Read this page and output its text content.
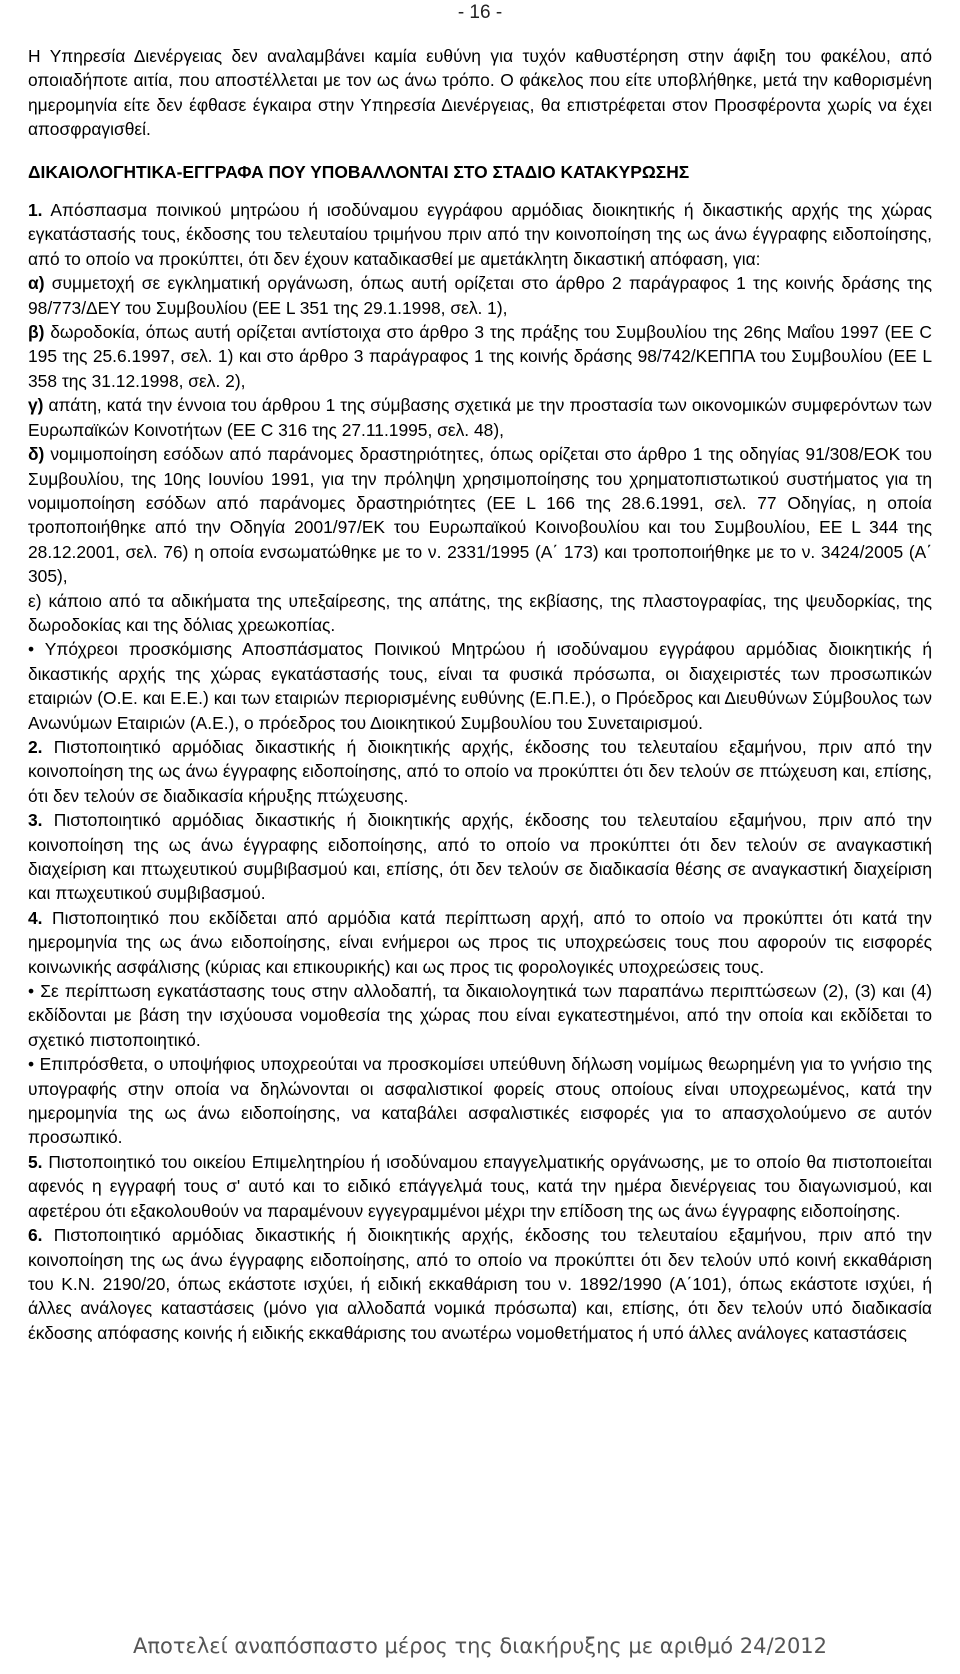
- 16 -

Η Υπηρεσία Διενέργειας δεν αναλαμβάνει καμία ευθύνη για τυχόν καθυστέρηση στην άφιξη του φακέλου, από οποιαδήποτε αιτία, που αποστέλλεται με τον ως άνω τρόπο. Ο φάκελος που είτε υποβλήθηκε, μετά την καθορισμένη ημερομηνία είτε δεν έφθασε έγκαιρα στην Υπηρεσία Διενέργειας, θα επιστρέφεται στον Προσφέροντα χωρίς να έχει αποσφραγισθεί.

ΔΙΚΑΙΟΛΟΓΗΤΙΚΑ-ΕΓΓΡΑΦΑ ΠΟΥ ΥΠΟΒΑΛΛΟΝΤΑΙ ΣΤΟ ΣΤΑΔΙΟ ΚΑΤΑΚΥΡΩΣΗΣ

1. Απόσπασμα ποινικού μητρώου ή ισοδύναμου εγγράφου αρμόδιας διοικητικής ή δικαστικής αρχής της χώρας εγκατάστασής τους, έκδοσης του τελευταίου τριμήνου πριν από την κοινοποίηση της ως άνω έγγραφης ειδοποίησης, από το οποίο να προκύπτει, ότι δεν έχουν καταδικασθεί με αμετάκλητη δικαστική απόφαση, για:

α) συμμετοχή σε εγκληματική οργάνωση, όπως αυτή ορίζεται στο άρθρο 2 παράγραφος 1 της κοινής δράσης της 98/773/ΔΕΥ του Συμβουλίου (ΕΕ L 351 της 29.1.1998, σελ. 1),

β) δωροδοκία, όπως αυτή ορίζεται αντίστοιχα στο άρθρο 3 της πράξης του Συμβουλίου της 26ης Μαΐου 1997 (ΕΕ C 195 της 25.6.1997, σελ. 1) και στο άρθρο 3 παράγραφος 1 της κοινής δράσης 98/742/ΚΕΠΠΑ του Συμβουλίου (ΕΕ L 358 της 31.12.1998, σελ. 2),

γ) απάτη, κατά την έννοια του άρθρου 1 της σύμβασης σχετικά με την προστασία των οικονομικών συμφερόντων των Ευρωπαϊκών Κοινοτήτων (ΕΕ C 316 της 27.11.1995, σελ. 48),

δ) νομιμοποίηση εσόδων από παράνομες δραστηριότητες, όπως ορίζεται στο άρθρο 1 της οδηγίας 91/308/ΕΟΚ του Συμβουλίου, της 10ης Ιουνίου 1991, για την πρόληψη χρησιμοποίησης του χρηματοπιστωτικού συστήματος για τη νομιμοποίηση εσόδων από παράνομες δραστηριότητες (ΕΕ L 166 της 28.6.1991, σελ. 77 Οδηγίας, η οποία τροποποιήθηκε από την Οδηγία 2001/97/ΕΚ του Ευρωπαϊκού Κοινοβουλίου και του Συμβουλίου, ΕΕ L 344 της 28.12.2001, σελ. 76) η οποία ενσωματώθηκε με το ν. 2331/1995 (Α΄ 173) και τροποποιήθηκε με το ν. 3424/2005 (Α΄ 305),

ε) κάποιο από τα αδικήματα της υπεξαίρεσης, της απάτης, της εκβίασης, της πλαστογραφίας, της ψευδορκίας, της δωροδοκίας και της δόλιας χρεωκοπίας.

• Υπόχρεοι προσκόμισης Αποσπάσματος Ποινικού Μητρώου ή ισοδύναμου εγγράφου αρμόδιας διοικητικής ή δικαστικής αρχής της χώρας εγκατάστασής τους, είναι τα φυσικά πρόσωπα, οι διαχειριστές των προσωπικών εταιριών (Ο.Ε. και Ε.Ε.) και των εταιριών περιορισμένης ευθύνης (Ε.Π.Ε.), ο Πρόεδρος και Διευθύνων Σύμβουλος των Ανωνύμων Εταιριών (Α.Ε.), ο πρόεδρος του Διοικητικού Συμβουλίου του Συνεταιρισμού.

2. Πιστοποιητικό αρμόδιας δικαστικής ή διοικητικής αρχής, έκδοσης του τελευταίου εξαμήνου, πριν από την κοινοποίηση της ως άνω έγγραφης ειδοποίησης, από το οποίο να προκύπτει ότι δεν τελούν σε πτώχευση και, επίσης, ότι δεν τελούν σε διαδικασία κήρυξης πτώχευσης.

3. Πιστοποιητικό αρμόδιας δικαστικής ή διοικητικής αρχής, έκδοσης του τελευταίου εξαμήνου, πριν από την κοινοποίηση της ως άνω έγγραφης ειδοποίησης, από το οποίο να προκύπτει ότι δεν τελούν σε αναγκαστική διαχείριση και πτωχευτικού συμβιβασμού και, επίσης, ότι δεν τελούν σε διαδικασία θέσης σε αναγκαστική διαχείριση και πτωχευτικού συμβιβασμού.

4. Πιστοποιητικό που εκδίδεται από αρμόδια κατά περίπτωση αρχή, από το οποίο να προκύπτει ότι κατά την ημερομηνία της ως άνω ειδοποίησης, είναι ενήμεροι ως προς τις υποχρεώσεις τους που αφορούν τις εισφορές κοινωνικής ασφάλισης (κύριας και επικουρικής) και ως προς τις φορολογικές υποχρεώσεις τους.

• Σε περίπτωση εγκατάστασης τους στην αλλοδαπή, τα δικαιολογητικά των παραπάνω περιπτώσεων (2), (3) και (4) εκδίδονται με βάση την ισχύουσα νομοθεσία της χώρας που είναι εγκατεστημένοι, από την οποία και εκδίδεται το σχετικό πιστοποιητικό.

• Επιπρόσθετα, ο υποψήφιος υποχρεούται να προσκομίσει υπεύθυνη δήλωση νομίμως θεωρημένη για το γνήσιο της υπογραφής στην οποία να δηλώνονται οι ασφαλιστικοί φορείς στους οποίους είναι υποχρεωμένος, κατά την ημερομηνία της ως άνω ειδοποίησης, να καταβάλει ασφαλιστικές εισφορές για το απασχολούμενο σε αυτόν προσωπικό.

5. Πιστοποιητικό του οικείου Επιμελητηρίου ή ισοδύναμου επαγγελματικής οργάνωσης, με το οποίο θα πιστοποιείται αφενός η εγγραφή τους σ' αυτό και το ειδικό επάγγελμά τους, κατά την ημέρα διενέργειας του διαγωνισμού, και αφετέρου ότι εξακολουθούν να παραμένουν εγγεγραμμένοι μέχρι την επίδοση της ως άνω έγγραφης ειδοποίησης.

6. Πιστοποιητικό αρμόδιας δικαστικής ή διοικητικής αρχής, έκδοσης του τελευταίου εξαμήνου, πριν από την κοινοποίηση της ως άνω έγγραφης ειδοποίησης, από το οποίο να προκύπτει ότι δεν τελούν υπό κοινή εκκαθάριση του Κ.Ν. 2190/20, όπως εκάστοτε ισχύει, ή ειδική εκκαθάριση του ν. 1892/1990 (Α΄101), όπως εκάστοτε ισχύει, ή άλλες ανάλογες καταστάσεις (μόνο για αλλοδαπά νομικά πρόσωπα) και, επίσης, ότι δεν τελούν υπό διαδικασία έκδοσης απόφασης κοινής ή ειδικής εκκαθάρισης του ανωτέρω νομοθετήματος ή υπό άλλες ανάλογες καταστάσεις

Αποτελεί αναπόσπαστο μέρος της διακήρυξης με αριθμό 24/2012
